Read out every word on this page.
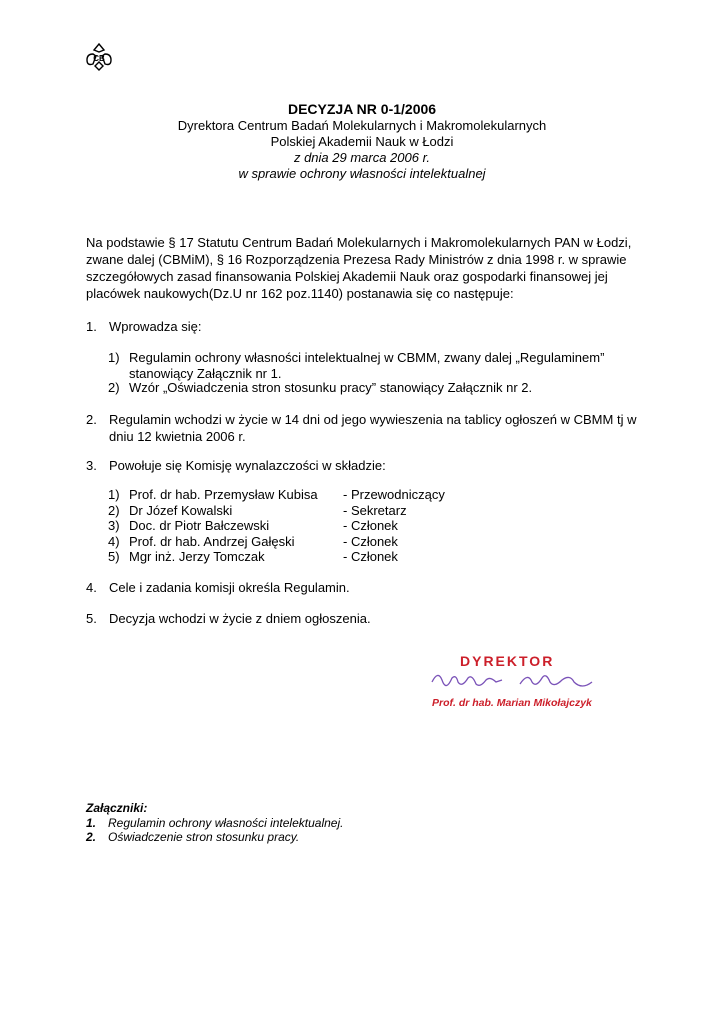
CB
DECYZJA NR 0-1/2006
Dyrektora Centrum Badań Molekularnych i Makromolekularnych
Polskiej Akademii Nauk w Łodzi
z dnia 29 marca 2006 r.
w sprawie ochrony własności intelektualnej
Na podstawie § 17 Statutu Centrum Badań Molekularnych i Makromolekularnych PAN w Łodzi, zwane dalej (CBMiM), § 16 Rozporządzenia Prezesa Rady Ministrów z dnia 1998 r. w sprawie szczegółowych zasad finansowania Polskiej Akademii Nauk oraz gospodarki finansowej jej placówek naukowych(Dz.U nr 162 poz.1140) postanawia się co następuje:
1. Wprowadza się:
1) Regulamin ochrony własności intelektualnej w CBMM, zwany dalej „Regulaminem” stanowiący Załącznik nr 1.
2) Wzór „Oświadczenia stron stosunku pracy” stanowiący Załącznik nr 2.
2. Regulamin wchodzi w życie w 14 dni od jego wywieszenia na tablicy ogłoszeń w CBMM tj w dniu 12 kwietnia 2006 r.
3. Powołuje się Komisję wynalazczości w składzie:
1) Prof. dr hab. Przemysław Kubisa - Przewodniczący
2) Dr Józef Kowalski	- Sekretarz
3) Doc. dr Piotr Bałczewski	- Członek
4) Prof. dr hab. Andrzej Gałęski	- Członek
5) Mgr inż. Jerzy Tomczak	- Członek
4. Cele i zadania komisji określa Regulamin.
5. Decyzja wchodzi w życie z dniem ogłoszenia.
DYREKTOR
Prof. dr hab. Marian Mikołajczyk
Załączniki:
1. Regulamin ochrony własności intelektualnej.
2. Oświadczenie stron stosunku pracy.
